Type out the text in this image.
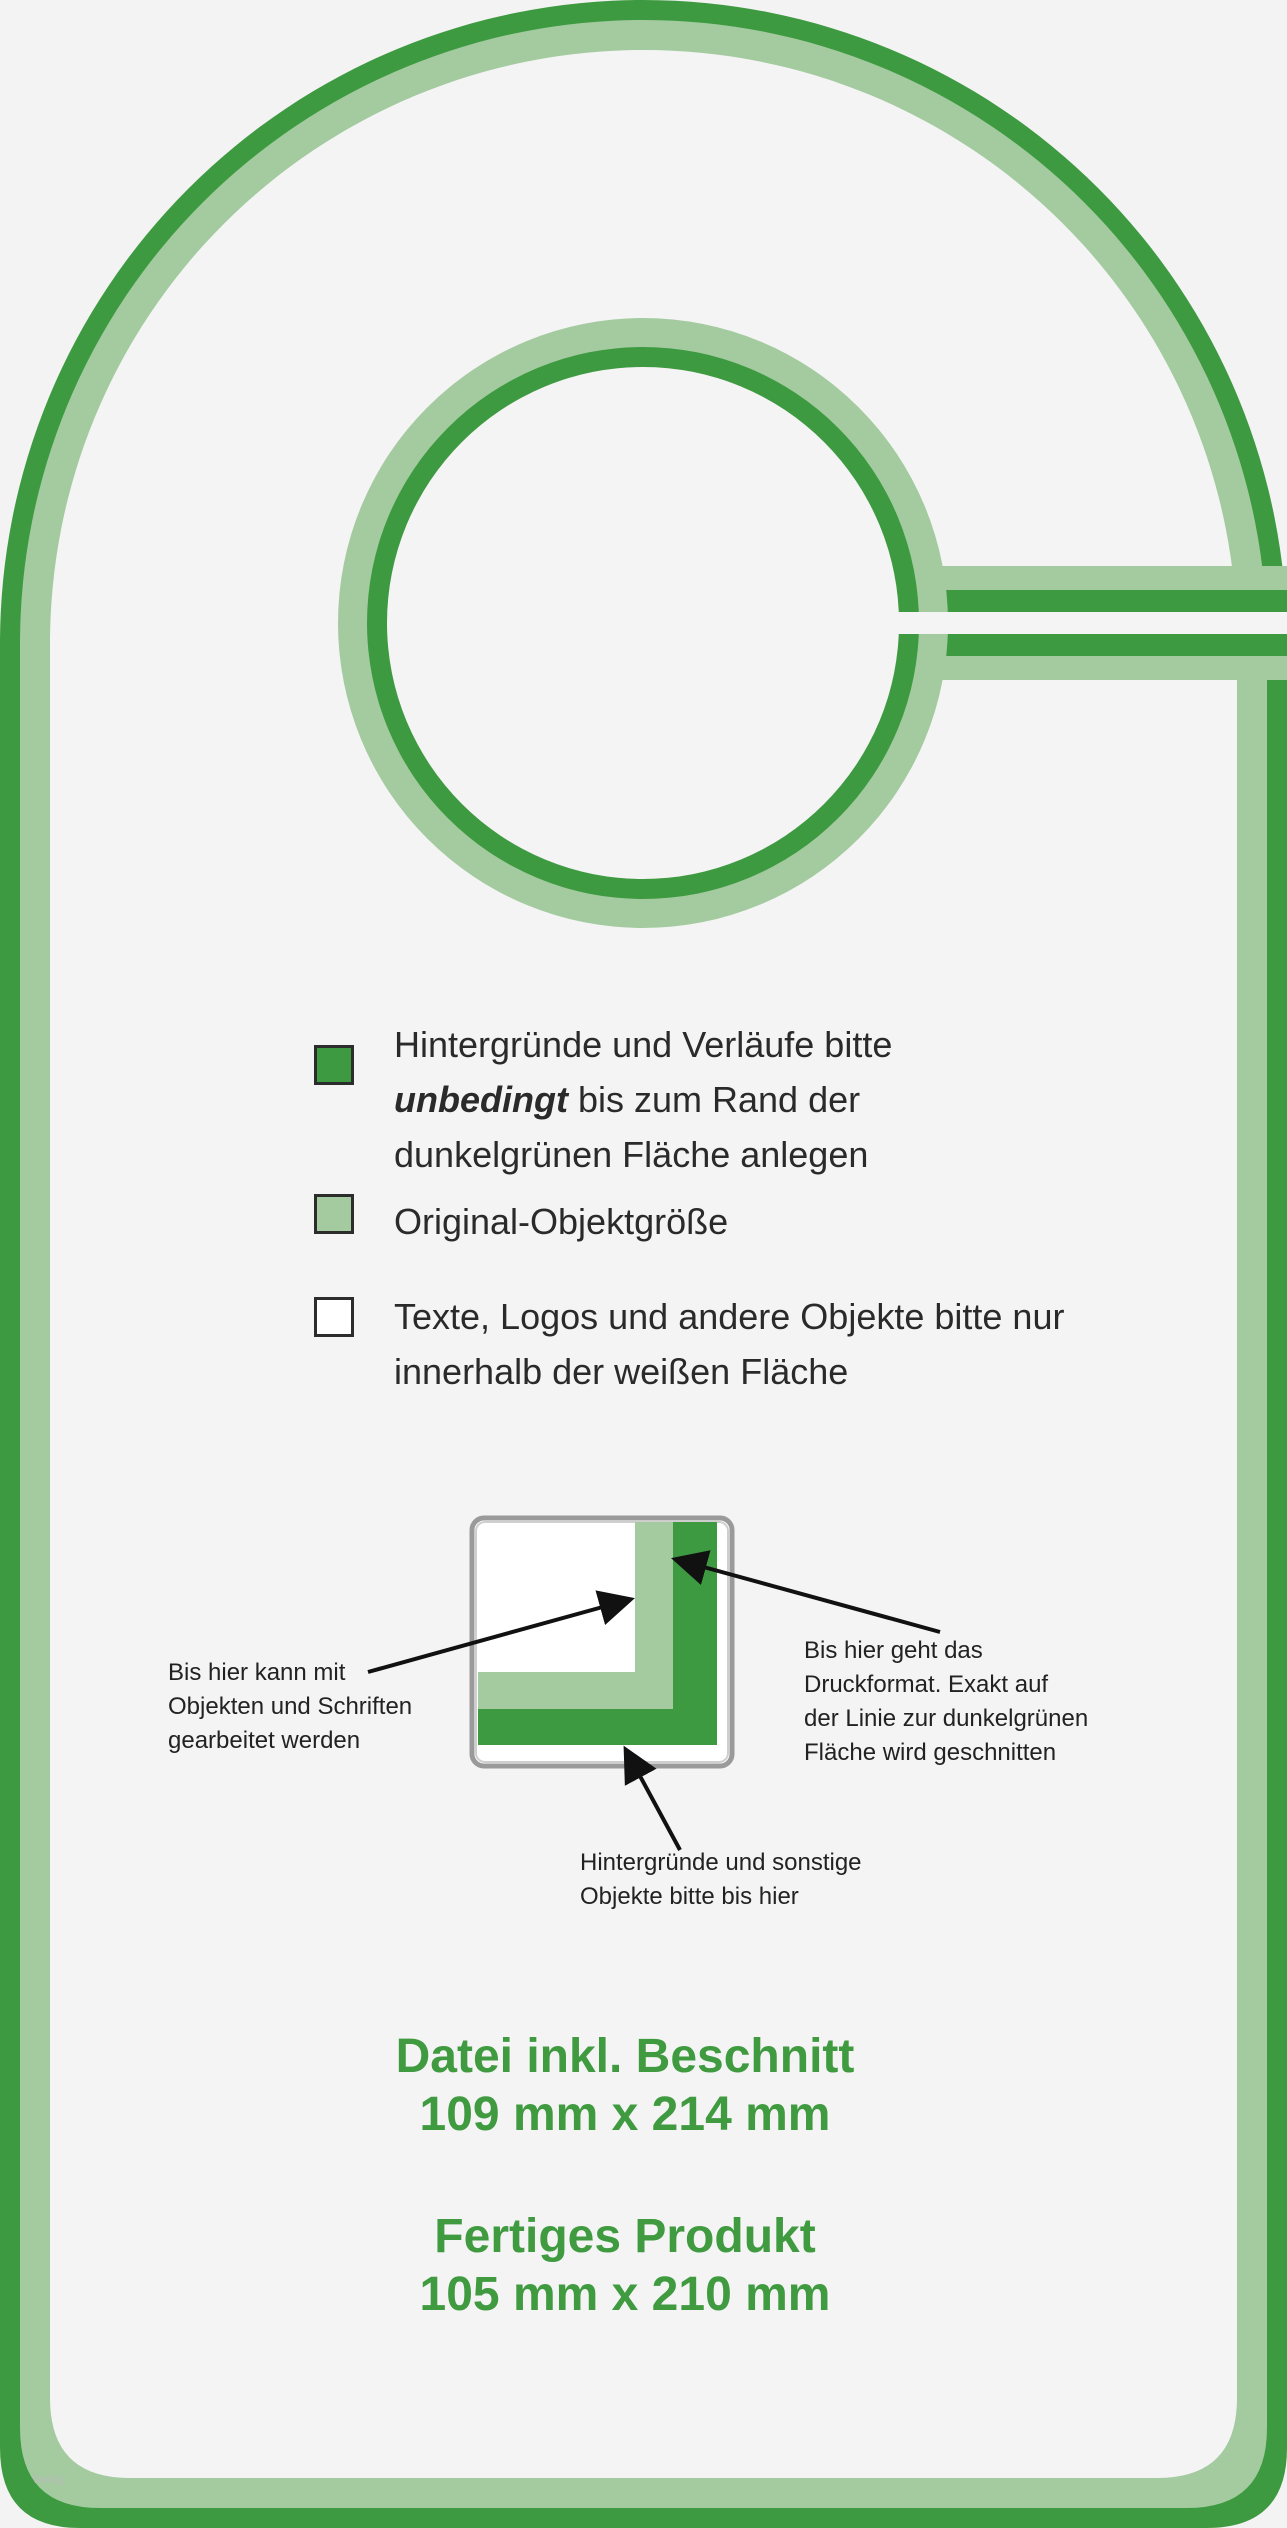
Hintergründe und Verläufe bitte
unbedingt bis zum Rand der
dunkelgrünen Fläche anlegen
Original-Objektgröße
Texte, Logos und andere Objekte bitte nur
innerhalb der weißen Fläche
Bis hier kann mit
Objekten und Schriften
gearbeitet werden
Bis hier geht das
Druckformat. Exakt auf
der Linie zur dunkelgrünen
Fläche wird geschnitten
Hintergründe und sonstige
Objekte bitte bis hier
Datei inkl. Beschnitt
109 mm x 214 mm
Fertiges Produkt
105 mm x 210 mm
Vorlog
